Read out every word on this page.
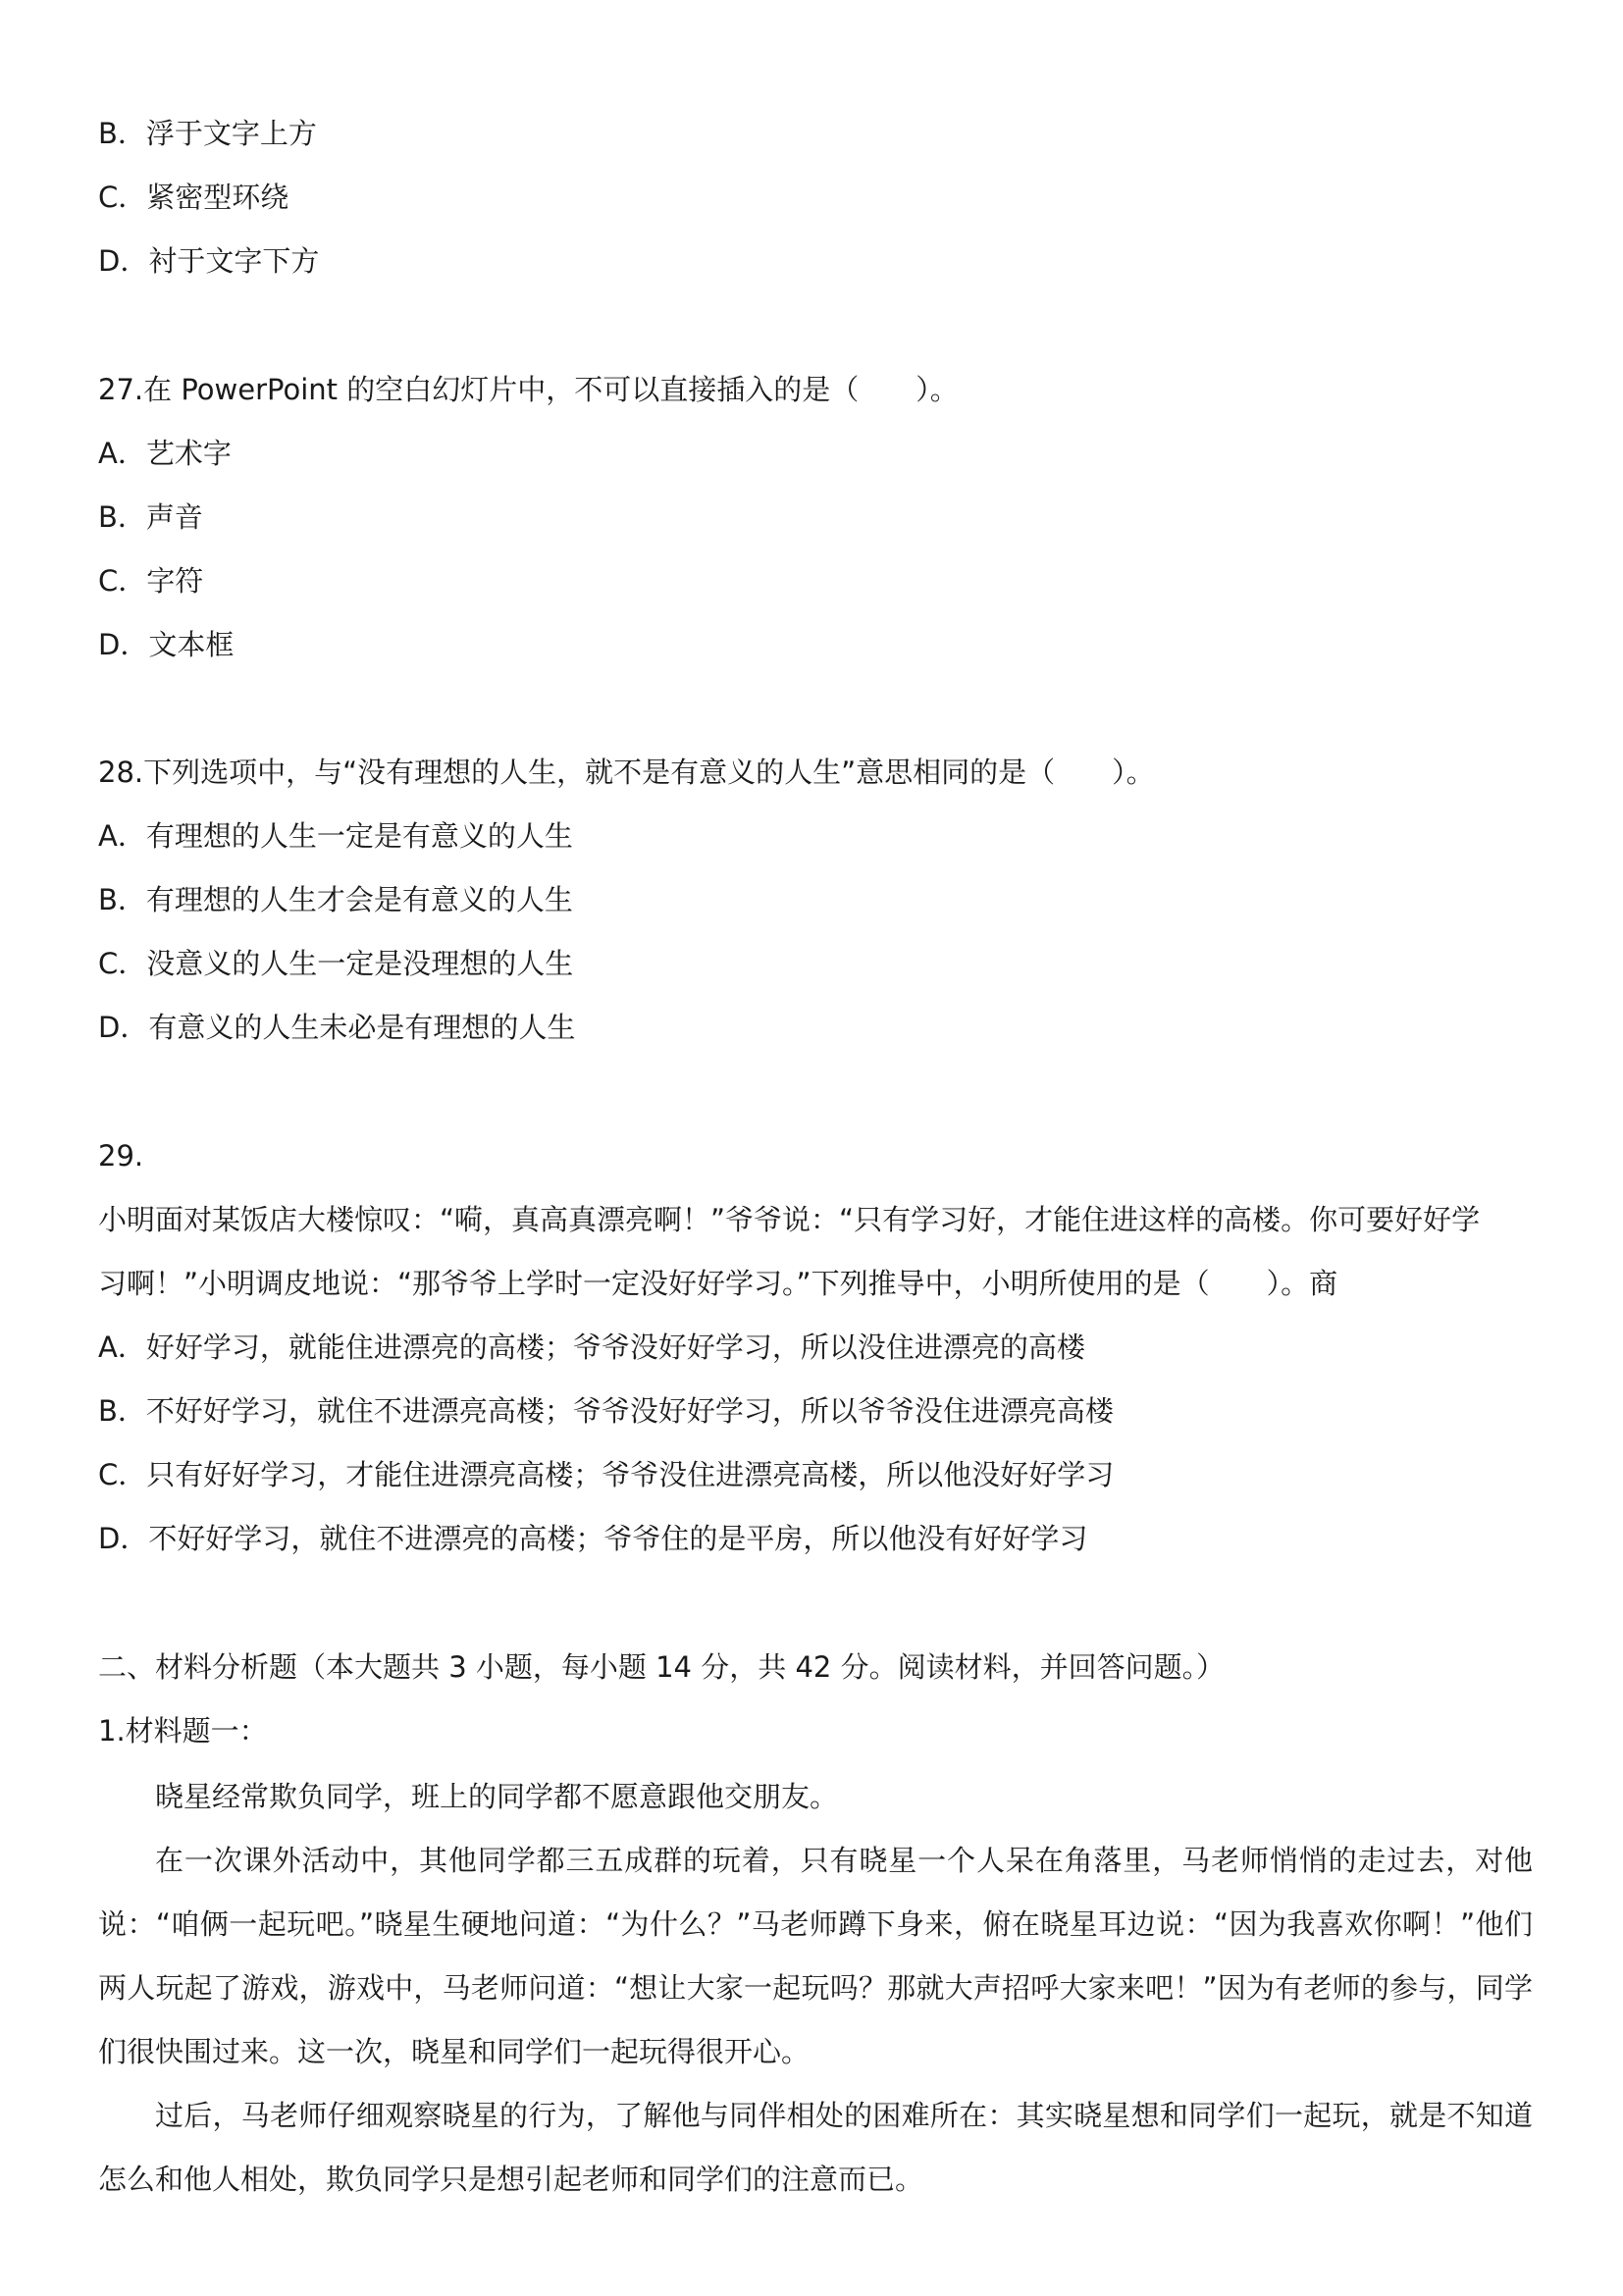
B．浮于文字上方
C．紧密型环绕
D．衬于文字下方
27.在 PowerPoint 的空白幻灯片中，不可以直接插入的是（　　）。
A．艺术字
B．声音
C．字符
D．文本框
28.下列选项中，与“没有理想的人生，就不是有意义的人生”意思相同的是（　　）。
A．有理想的人生一定是有意义的人生
B．有理想的人生才会是有意义的人生
C．没意义的人生一定是没理想的人生
D．有意义的人生未必是有理想的人生
29.
小明面对某饭店大楼惊叹：“嗬，真高真漂亮啊！”爷爷说：“只有学习好，才能住进这样的高楼。你可要好好学
习啊！”小明调皮地说：“那爷爷上学时一定没好好学习。”下列推导中，小明所使用的是（　　）。商
A．好好学习，就能住进漂亮的高楼；爷爷没好好学习，所以没住进漂亮的高楼
B．不好好学习，就住不进漂亮高楼；爷爷没好好学习，所以爷爷没住进漂亮高楼
C．只有好好学习，才能住进漂亮高楼；爷爷没住进漂亮高楼，所以他没好好学习
D．不好好学习，就住不进漂亮的高楼；爷爷住的是平房，所以他没有好好学习
二、材料分析题（本大题共 3 小题，每小题 14 分，共 42 分。阅读材料，并回答问题。）
1.材料题一：
晓星经常欺负同学，班上的同学都不愿意跟他交朋友。
在一次课外活动中，其他同学都三五成群的玩着，只有晓星一个人呆在角落里，马老师悄悄的走过去，对他说：“咱俩一起玩吧。”晓星生硬地问道：“为什么？”马老师蹲下身来，俯在晓星耳边说：“因为我喜欢你啊！”他们两人玩起了游戏，游戏中，马老师问道：“想让大家一起玩吗？那就大声招呼大家来吧！”因为有老师的参与，同学们很快围过来。这一次，晓星和同学们一起玩得很开心。
过后，马老师仔细观察晓星的行为，了解他与同伴相处的困难所在：其实晓星想和同学们一起玩，就是不知道怎么和他人相处，欺负同学只是想引起老师和同学们的注意而已。
